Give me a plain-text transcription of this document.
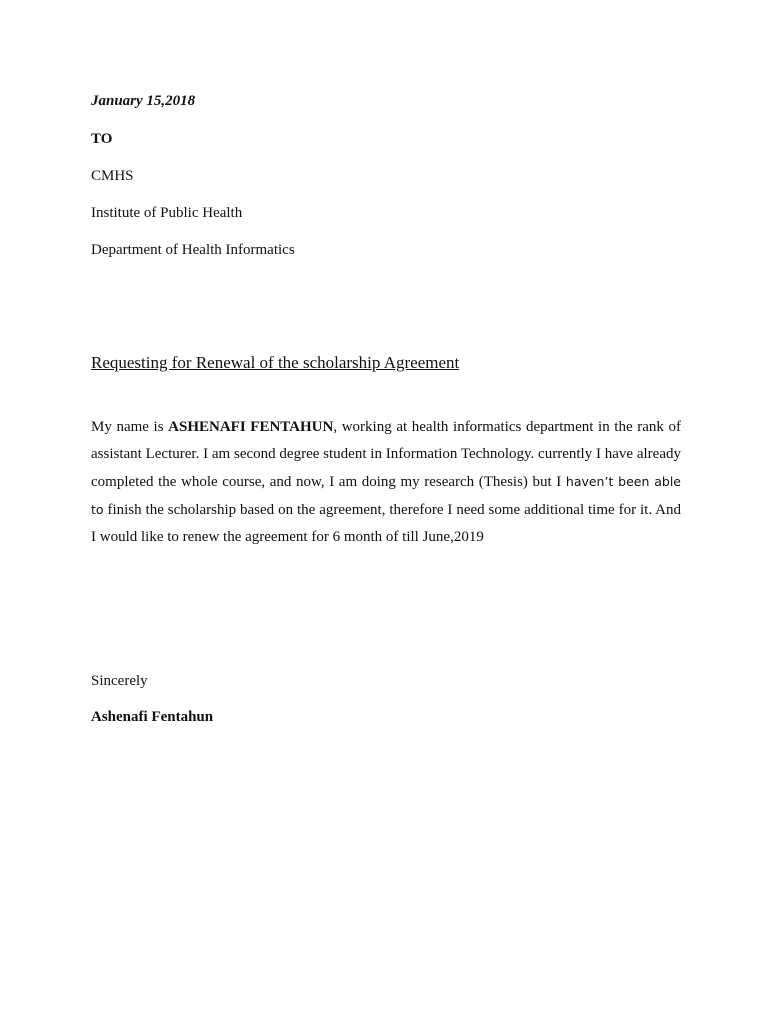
January 15,2018
TO
CMHS
Institute of Public Health
Department of Health Informatics
Requesting for Renewal of the scholarship Agreement
My name is ASHENAFI FENTAHUN, working at health informatics department in the rank of assistant Lecturer. I am second degree student in Information Technology. currently I have already completed the whole course, and now, I am doing my research (Thesis) but I haven’t been able to finish the scholarship based on the agreement, therefore I need some additional time for it. And I would like to renew the agreement for 6 month of till June,2019
Sincerely
Ashenafi Fentahun
